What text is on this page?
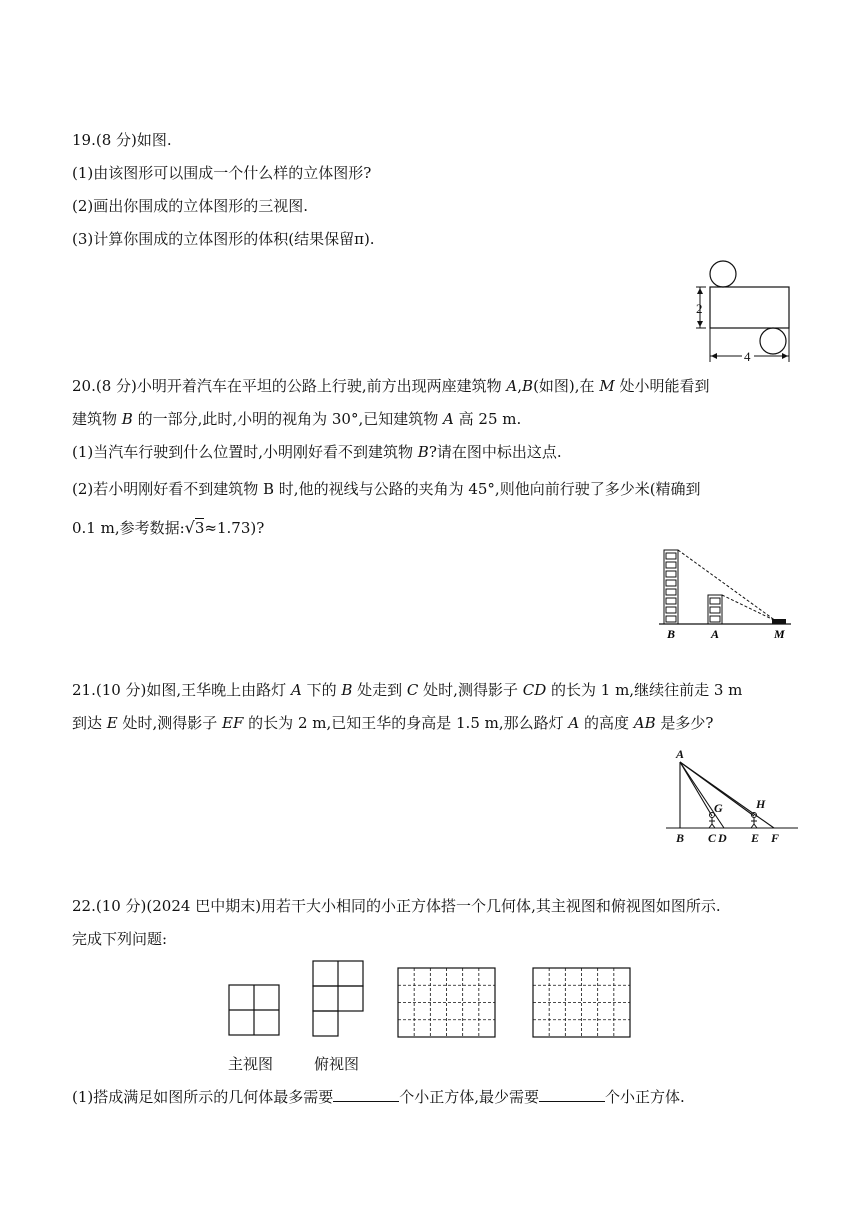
19.(8 分)如图.
(1)由该图形可以围成一个什么样的立体图形?
(2)画出你围成的立体图形的三视图.
(3)计算你围成的立体图形的体积(结果保留π).
2
4
20.(8 分)小明开着汽车在平坦的公路上行驶,前方出现两座建筑物 A,B(如图),在 M 处小明能看到
建筑物 B 的一部分,此时,小明的视角为 30°,已知建筑物 A 高 25 m.
(1)当汽车行驶到什么位置时,小明刚好看不到建筑物 B?请在图中标出这点.
(2)若小明刚好看不到建筑物 B 时,他的视线与公路的夹角为 45°,则他向前行驶了多少米(精确到
0.1 m,参考数据:√3≈1.73)?
B	A	M
21.(10 分)如图,王华晚上由路灯 A 下的 B 处走到 C 处时,测得影子 CD 的长为 1 m,继续往前走 3 m
到达 E 处时,测得影子 EF 的长为 2 m,已知王华的身高是 1.5 m,那么路灯 A 的高度 AB 是多少?
A
G	H
B C D E F
22.(10 分)(2024 巴中期末)用若干大小相同的小正方体搭一个几何体,其主视图和俯视图如图所示.
完成下列问题:
主视图	俯视图
(1)搭成满足如图所示的几何体最多需要	个小正方体,最少需要	个小正方体.
